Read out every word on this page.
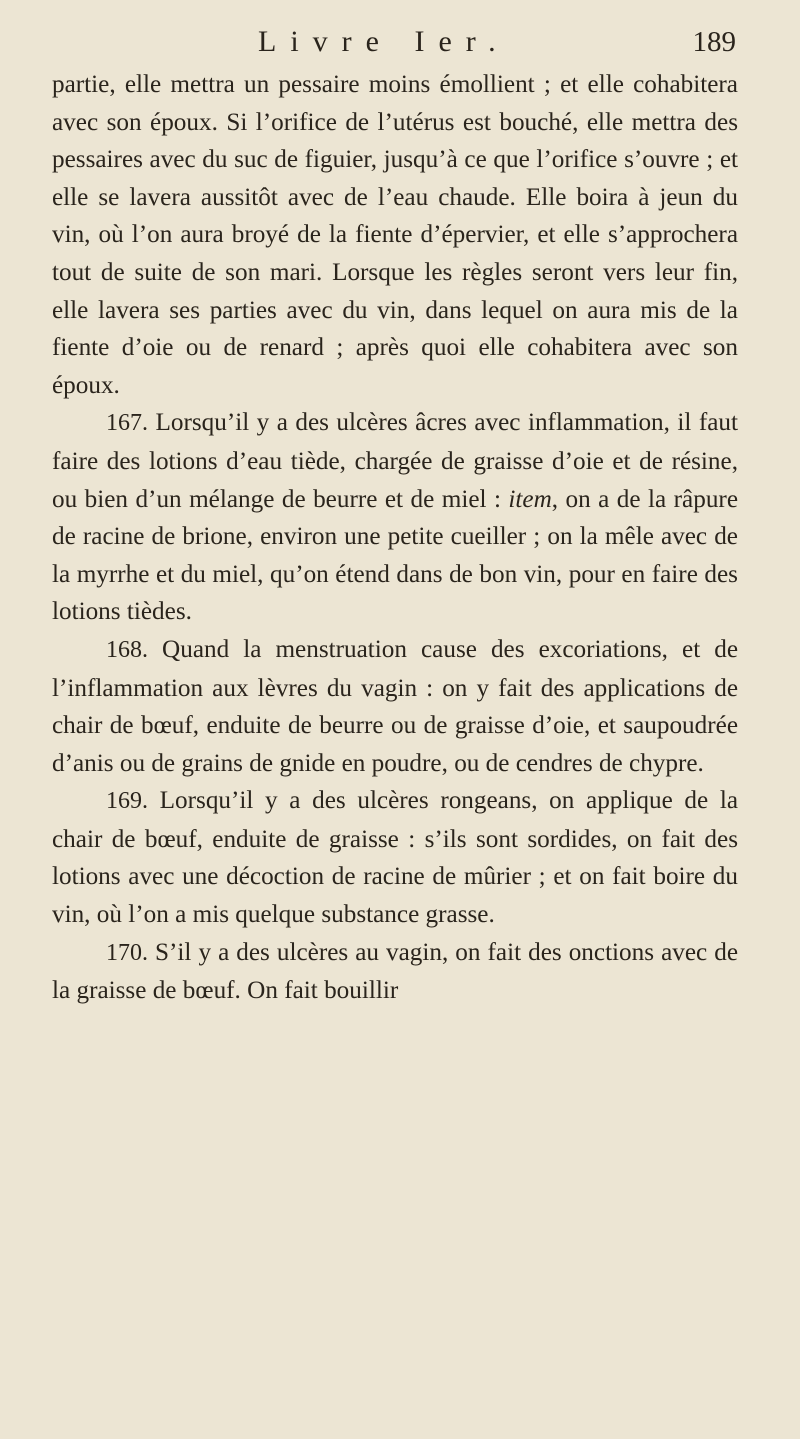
Livre Ier.	189

partie, elle mettra un pessaire moins émollient ; et elle cohabitera avec son époux. Si l’orifice de l’utérus est bouché, elle mettra des pessaires avec du suc de figuier, jusqu’à ce que l’orifice s’ouvre ; et elle se lavera aussitôt avec de l’eau chaude. Elle boira à jeun du vin, où l’on aura broyé de la fiente d’épervier, et elle s’approchera tout de suite de son mari. Lorsque les règles seront vers leur fin, elle lavera ses parties avec du vin, dans lequel on aura mis de la fiente d’oie ou de renard ; après quoi elle cohabitera avec son époux.

167. Lorsqu’il y a des ulcères âcres avec inflammation, il faut faire des lotions d’eau tiède, chargée de graisse d’oie et de résine, ou bien d’un mélange de beurre et de miel : item, on a de la râpure de racine de brione, environ une petite cueiller ; on la mêle avec de la myrrhe et du miel, qu’on étend dans de bon vin, pour en faire des lotions tièdes.

168. Quand la menstruation cause des excoriations, et de l’inflammation aux lèvres du vagin : on y fait des applications de chair de bœuf, enduite de beurre ou de graisse d’oie, et saupoudrée d’anis ou de grains de gnide en poudre, ou de cendres de chypre.

169. Lorsqu’il y a des ulcères rongeans, on applique de la chair de bœuf, enduite de graisse : s’ils sont sordides, on fait des lotions avec une décoction de racine de mûrier ; et on fait boire du vin, où l’on a mis quelque substance grasse.

170. S’il y a des ulcères au vagin, on fait des onctions avec de la graisse de bœuf. On fait bouillir
